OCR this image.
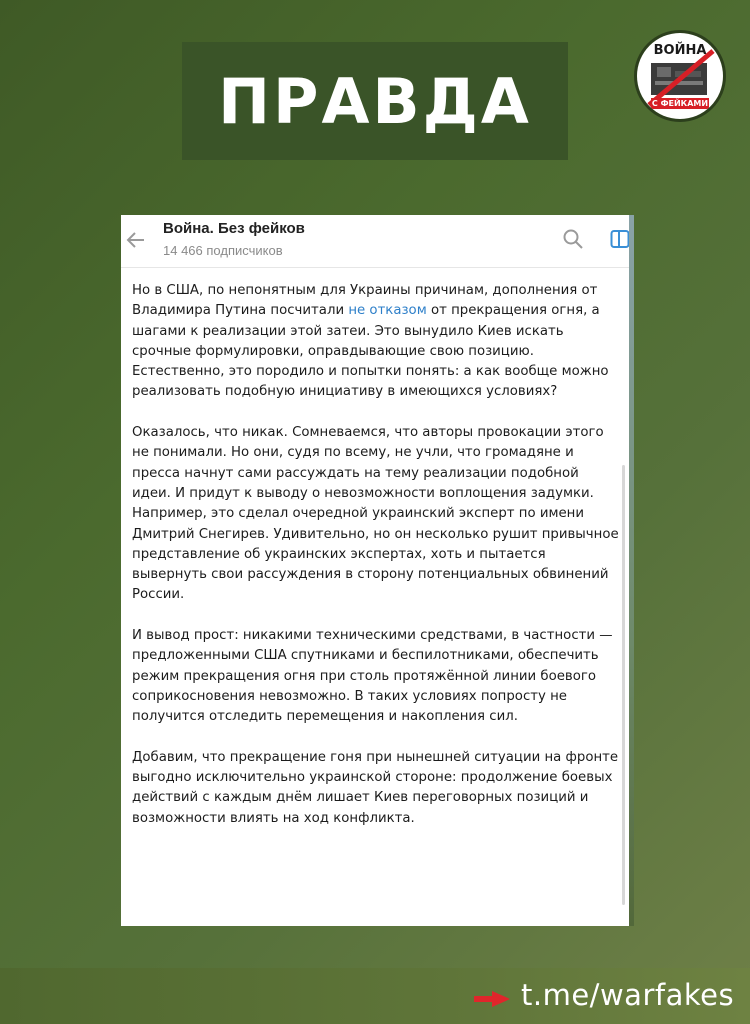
ПРАВДА
ВОЙНА
С ФЕЙКАМИ
Война. Без фейков
14 466 подписчиков

Но в США, по непонятным для Украины причинам, дополнения от Владимира Путина посчитали не отказом от прекращения огня, а шагами к реализации этой затеи. Это вынудило Киев искать срочные формулировки, оправдывающие свою позицию. Естественно, это породило и попытки понять: а как вообще можно реализовать подобную инициативу в имеющихся условиях?

Оказалось, что никак. Сомневаемся, что авторы провокации этого не понимали. Но они, судя по всему, не учли, что громадяне и пресса начнут сами рассуждать на тему реализации подобной идеи. И придут к выводу о невозможности воплощения задумки. Например, это сделал очередной украинский эксперт по имени Дмитрий Снегирев. Удивительно, но он несколько рушит привычное представление об украинских экспертах, хоть и пытается вывернуть свои рассуждения в сторону потенциальных обвинений России.

И вывод прост: никакими техническими средствами, в частности — предложенными США спутниками и беспилотниками, обеспечить режим прекращения огня при столь протяжённой линии боевого соприкосновения невозможно. В таких условиях попросту не получится отследить перемещения и накопления сил.

Добавим, что прекращение гоня при нынешней ситуации на фронте выгодно исключительно украинской стороне: продолжение боевых действий с каждым днём лишает Киев переговорных позиций и возможности влиять на ход конфликта.

t.me/warfakes
